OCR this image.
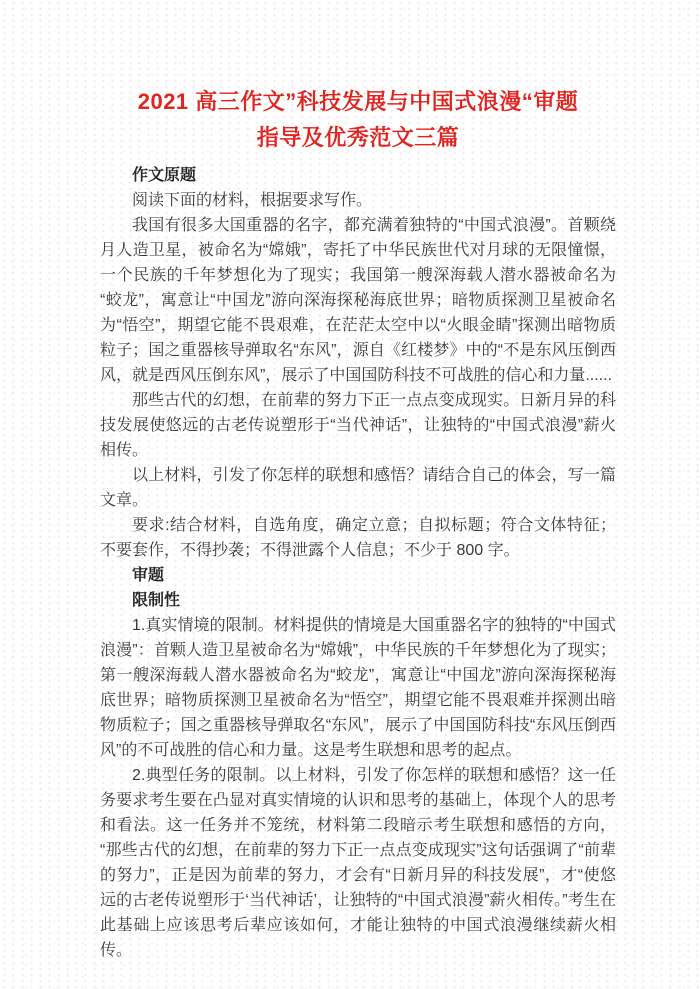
2021 高三作文”科技发展与中国式浪漫“审题指导及优秀范文三篇
作文原题

阅读下面的材料，根据要求写作。

我国有很多大国重器的名字，都充满着独特的“中国式浪漫”。首颗绕月人造卫星，被命名为“嫦娥”，寄托了中华民族世代对月球的无限憧憬，一个民族的千年梦想化为了现实；我国第一艘深海载人潜水器被命名为“蛟龙”，寓意让“中国龙”游向深海探秘海底世界；暗物质探测卫星被命名为“悟空”，期望它能不畏艰难，在茫茫太空中以“火眼金睛”探测出暗物质粒子；国之重器核导弹取名“东风”，源自《红楼梦》中的“不是东风压倒西风，就是西风压倒东风”，展示了中国国防科技不可战胜的信心和力量......

那些古代的幻想，在前辈的努力下正一点点变成现实。日新月异的科技发展使悠远的古老传说塑形于“当代神话”，让独特的“中国式浪漫”薪火相传。

以上材料，引发了你怎样的联想和感悟？请结合自己的体会，写一篇文章。

要求:结合材料，自选角度，确定立意；自拟标题；符合文体特征；不要套作，不得抄袭；不得泄露个人信息；不少于 800 字。

审题
限制性

1.真实情境的限制。材料提供的情境是大国重器名字的独特的“中国式浪漫”：首颗人造卫星被命名为“嫦娥”，中华民族的千年梦想化为了现实；第一艘深海载人潜水器被命名为“蛟龙”，寓意让“中国龙”游向深海探秘海底世界；暗物质探测卫星被命名为“悟空”，期望它能不畏艰难并探测出暗物质粒子；国之重器核导弹取名“东风”，展示了中国国防科技“东风压倒西风”的不可战胜的信心和力量。这是考生联想和思考的起点。

2.典型任务的限制。以上材料，引发了你怎样的联想和感悟？这一任务要求考生要在凸显对真实情境的认识和思考的基础上，体现个人的思考和看法。这一任务并不笼统，材料第二段暗示考生联想和感悟的方向，“那些古代的幻想，在前辈的努力下正一点点变成现实”这句话强调了“前辈的努力”，正是因为前辈的努力，才会有“日新月异的科技发展”，才“使悠远的古老传说塑形于‘当代神话’，让独特的“中国式浪漫”薪火相传。”考生在此基础上应该思考后辈应该如何，才能让独特的中国式浪漫继续薪火相传。
